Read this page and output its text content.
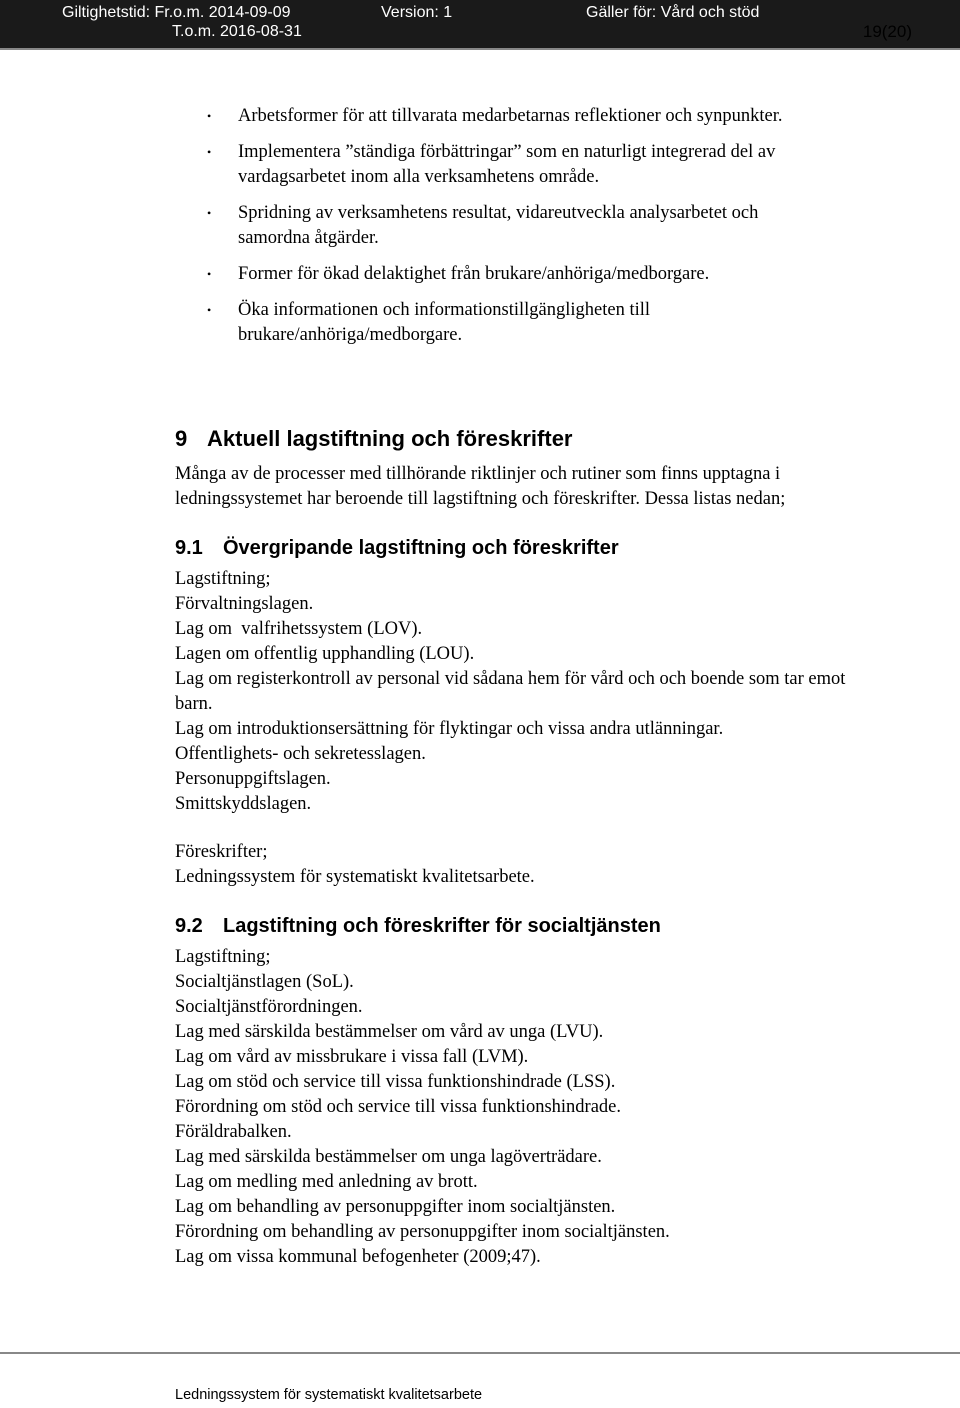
Giltighetstid: Fr.o.m. 2014-09-09
T.o.m. 2016-08-31
Version: 1	Gäller för: Vård och stöd
19(20)
• Arbetsformer för att tillvarata medarbetarnas reflektioner och synpunkter.
• Implementera ”ständiga förbättringar” som en naturligt integrerad del av vardagsarbetet inom alla verksamhetens område.
• Spridning av verksamhetens resultat, vidareutveckla analysarbetet och samordna åtgärder.
• Former för ökad delaktighet från brukare/anhöriga/medborgare.
• Öka informationen och informationstillgängligheten till brukare/anhöriga/medborgare.
9 Aktuell lagstiftning och föreskrifter

Många av de processer med tillhörande riktlinjer och rutiner som finns upptagna i ledningssystemet har beroende till lagstiftning och föreskrifter. Dessa listas nedan;

9.1 Övergripande lagstiftning och föreskrifter

Lagstiftning;

Förvaltningslagen.

Lag om  valfrihetssystem (LOV).

Lagen om offentlig upphandling (LOU).

Lag om registerkontroll av personal vid sådana hem för vård och och boende som tar emot barn.

Lag om introduktionsersättning för flyktingar och vissa andra utlänningar.

Offentlighets- och sekretesslagen.

Personuppgiftslagen.

Smittskyddslagen.

Föreskrifter;

Ledningssystem för systematiskt kvalitetsarbete.

9.2 Lagstiftning och föreskrifter för socialtjänsten

Lagstiftning;

Socialtjänstlagen (SoL).

Socialtjänstförordningen.

Lag med särskilda bestämmelser om vård av unga (LVU).

Lag om vård av missbrukare i vissa fall (LVM).

Lag om stöd och service till vissa funktionshindrade (LSS).

Förordning om stöd och service till vissa funktionshindrade.

Föräldrabalken.

Lag med särskilda bestämmelser om unga lagöverträdare.

Lag om medling med anledning av brott.

Lag om behandling av personuppgifter inom socialtjänsten.

Förordning om behandling av personuppgifter inom socialtjänsten.

Lag om vissa kommunal befogenheter (2009;47).

Ledningssystem för systematiskt kvalitetsarbete
